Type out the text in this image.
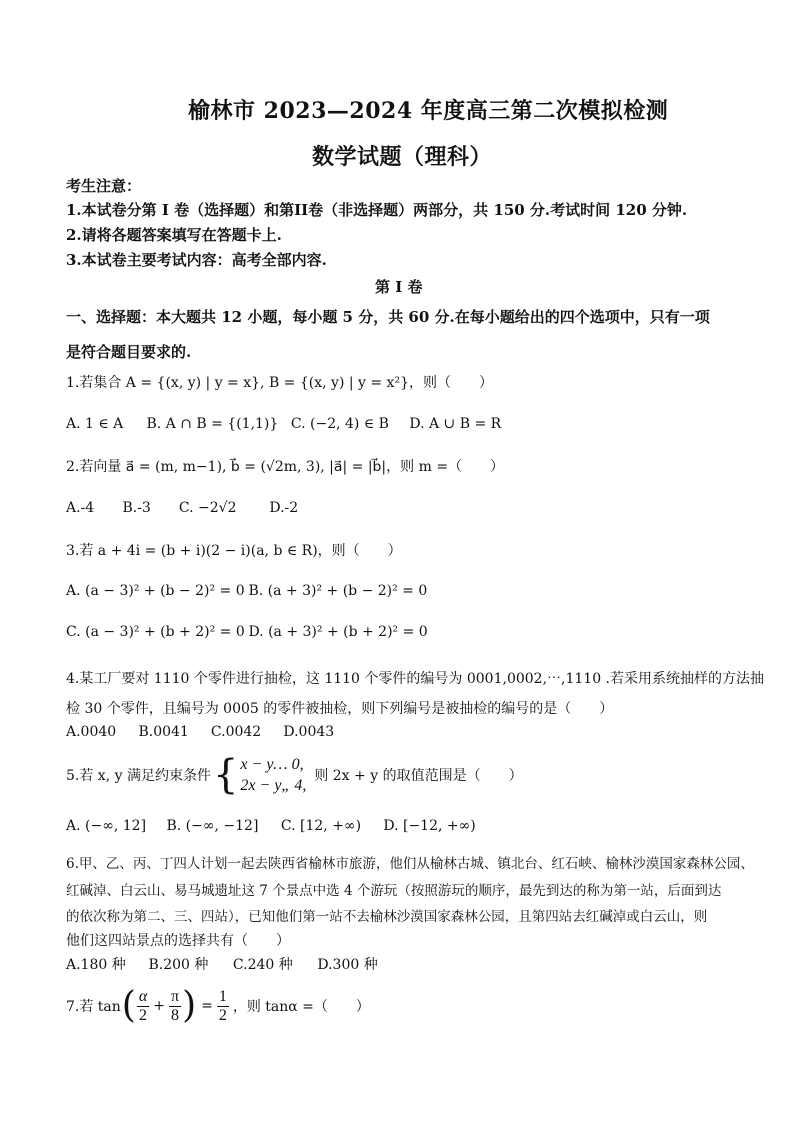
榆林市 2023—2024 年度高三第二次模拟检测
数学试题（理科）
考生注意：
1.本试卷分第 I 卷（选择题）和第II卷（非选择题）两部分，共 150 分.考试时间 120 分钟.
2.请将各题答案填写在答题卡上.
3.本试卷主要考试内容：高考全部内容.
第 I 卷
一、选择题：本大题共 12 小题，每小题 5 分，共 60 分.在每小题给出的四个选项中，只有一项
是符合题目要求的.
1.若集合 A = {(x, y) | y = x}, B = {(x, y) | y = x²}，则（　　）
A. 1 ∈ A B. A ∩ B = {(1,1)} C. (−2, 4) ∈ B D. A ∪ B = R
2.若向量 a⃗ = (m, m−1), b⃗ = (√2m, 3), |a⃗| = |b⃗|，则 m =（　　）
A.-4 B.-3 C. −2√2 D.-2
3.若 a + 4i = (b + i)(2 − i)(a, b ∈ R)，则（　　）
A. (a − 3)² + (b − 2)² = 0 B. (a + 3)² + (b − 2)² = 0
C. (a − 3)² + (b + 2)² = 0 D. (a + 3)² + (b + 2)² = 0
4.某工厂要对 1110 个零件进行抽检，这 1110 个零件的编号为 0001,0002,⋯,1110 .若采用系统抽样的方法抽
检 30 个零件，且编号为 0005 的零件被抽检，则下列编号是被抽检的编号的是（　　）
A.0040 B.0041 C.0042 D.0043
5.若 x, y 满足约束条件 { x − y… 0,
2x − y„ 4,
则 2x + y 的取值范围是（　　）
A. (−∞, 12] B. (−∞, −12] C. [12, +∞) D. [−12, +∞)
6.甲、乙、丙、丁四人计划一起去陕西省榆林市旅游，他们从榆林古城、镇北台、红石峡、榆林沙漠国家森林公园、
红碱淖、白云山、易马城遗址这 7 个景点中选 4 个游玩（按照游玩的顺序，最先到达的称为第一站，后面到达
的依次称为第二、三、四站），已知他们第一站不去榆林沙漠国家森林公园，且第四站去红碱淖或白云山，则
他们这四站景点的选择共有（　　）
A.180 种 B.200 种 C.240 种 D.300 种
7.若 tan ( $\frac{\alpha}{2} + \frac{\pi}{8}$ ) = $\frac{1}{2}$ ，则 tanα =（　　）
